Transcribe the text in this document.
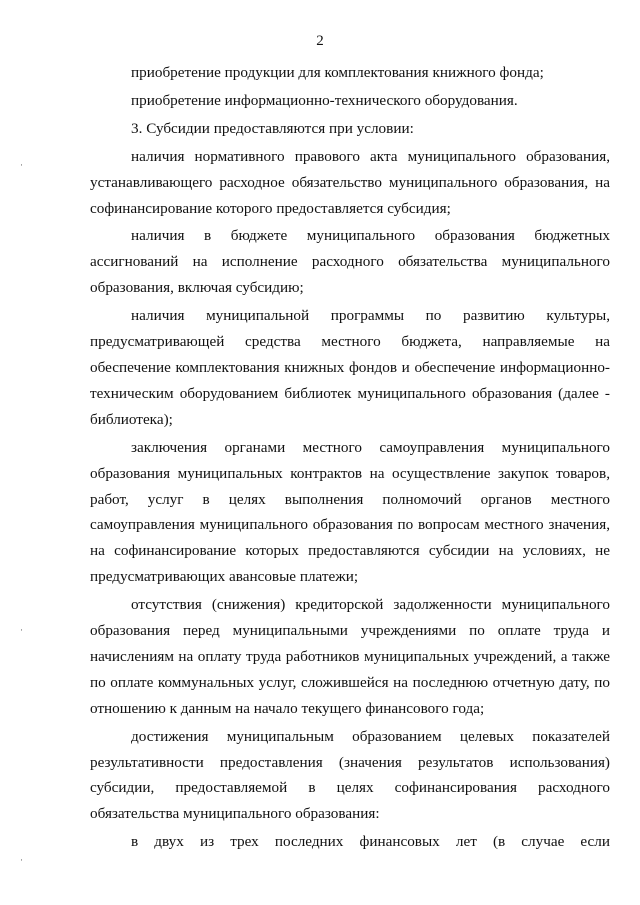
2

приобретение продукции для комплектования книжного фонда;

приобретение информационно-технического оборудования.

3. Субсидии предоставляются при условии:

наличия нормативного правового акта муниципального образования, устанавливающего расходное обязательство муниципального образования, на софинансирование которого предоставляется субсидия;

наличия в бюджете муниципального образования бюджетных ассигнований на исполнение расходного обязательства муниципального образования, включая субсидию;

наличия муниципальной программы по развитию культуры, предусматривающей средства местного бюджета, направляемые на обеспечение комплектования книжных фондов и обеспечение информационно-техническим оборудованием библиотек муниципального образования (далее - библиотека);

заключения органами местного самоуправления муниципального образования муниципальных контрактов на осуществление закупок товаров, работ, услуг в целях выполнения полномочий органов местного самоуправления муниципального образования по вопросам местного значения, на софинансирование которых предоставляются субсидии на условиях, не предусматривающих авансовые платежи;

отсутствия (снижения) кредиторской задолженности муниципального образования перед муниципальными учреждениями по оплате труда и начислениям на оплату труда работников муниципальных учреждений, а также по оплате коммунальных услуг, сложившейся на последнюю отчетную дату, по отношению к данным на начало текущего финансового года;

достижения муниципальным образованием целевых показателей результативности предоставления (значения результатов использования) субсидии, предоставляемой в целях софинансирования расходного обязательства муниципального образования:

в двух из трех последних финансовых лет (в случае если

·
·
·
